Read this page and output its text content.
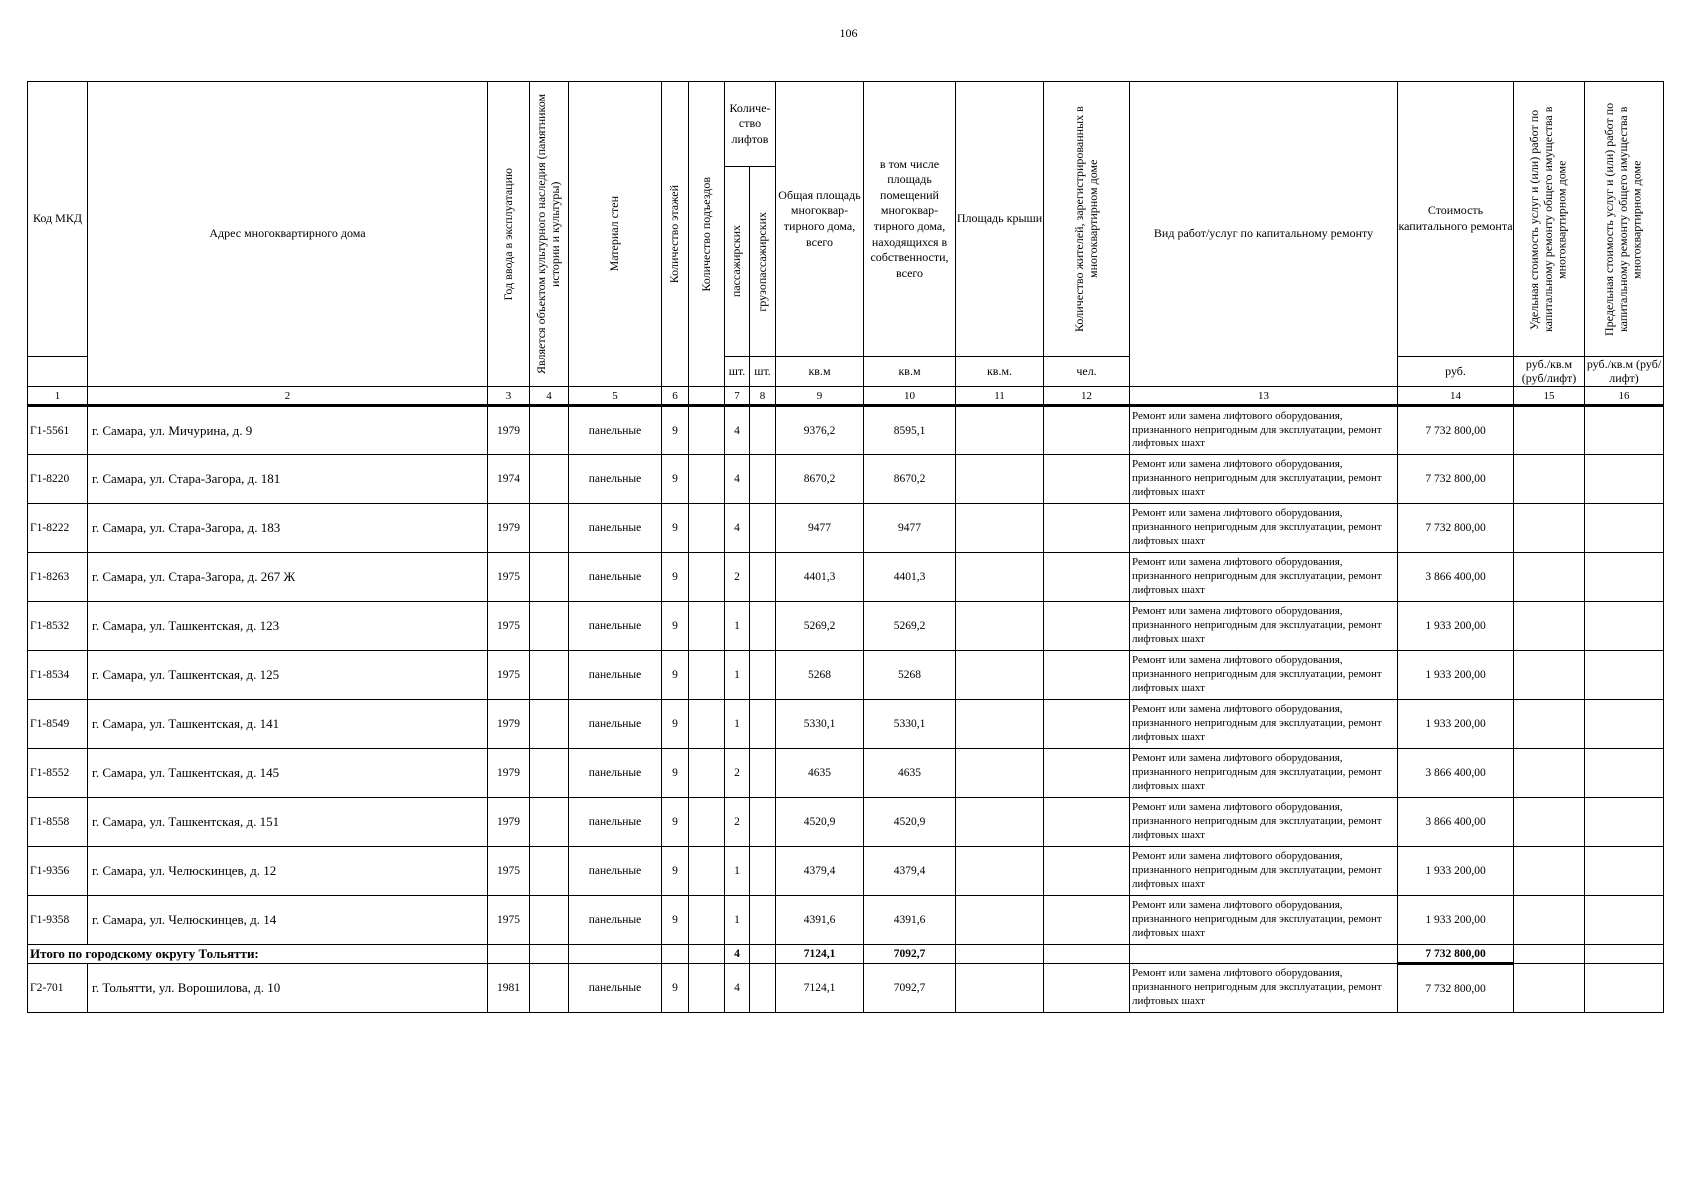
106
Код МКД	Адрес многоквартирного дома	Год ввода в эксплуатацию	Является объектом культурного наследия (памятником истории и культуры)	Материал стен	Количество этажей	Количество подъездов	Количе-ство лифтов		Общая площадь многоквар-тирного дома, всего	в том числе площадь помещений многоквар-тирного дома, находящихся в собственности, всего	Площадь крыши	Количество жителей, зарегистрированных в многоквартирном доме	Вид работ/услуг по капитальному ремонту	Стоимость капитального ремонта	Удельная стоимость услуг и (или) работ по капитальному ремонту общего имущества в многоквартирном доме	Предельная стоимость услуг и (или) работ по капитальному ремонту общего имущества в многоквартирном доме

							пассажирских	грузопассажирских								

							шт.	шт.	кв.м	кв.м	кв.м.	чел.		руб.	руб./кв.м (руб/лифт)	руб./кв.м (руб/лифт)
1	2	3	4	5	6		7	8	9	10	11	12	13	14	15	16
Г1-5561	г. Самара, ул. Мичурина, д. 9	1979		панельные	9		4		9376,2	8595,1			Ремонт или замена лифтового оборудования, признанного непригодным для эксплуатации, ремонт лифтовых шахт	7 732 800,00		
Г1-8220	г. Самара, ул. Стара-Загора, д. 181	1974		панельные	9		4		8670,2	8670,2			Ремонт или замена лифтового оборудования, признанного непригодным для эксплуатации, ремонт лифтовых шахт	7 732 800,00		
Г1-8222	г. Самара, ул. Стара-Загора, д. 183	1979		панельные	9		4		9477	9477			Ремонт или замена лифтового оборудования, признанного непригодным для эксплуатации, ремонт лифтовых шахт	7 732 800,00		
Г1-8263	г. Самара, ул. Стара-Загора, д. 267 Ж	1975		панельные	9		2		4401,3	4401,3			Ремонт или замена лифтового оборудования, признанного непригодным для эксплуатации, ремонт лифтовых шахт	3 866 400,00		
Г1-8532	г. Самара, ул. Ташкентская, д. 123	1975		панельные	9		1		5269,2	5269,2			Ремонт или замена лифтового оборудования, признанного непригодным для эксплуатации, ремонт лифтовых шахт	1 933 200,00		
Г1-8534	г. Самара, ул. Ташкентская, д. 125	1975		панельные	9		1		5268	5268			Ремонт или замена лифтового оборудования, признанного непригодным для эксплуатации, ремонт лифтовых шахт	1 933 200,00		
Г1-8549	г. Самара, ул. Ташкентская, д. 141	1979		панельные	9		1		5330,1	5330,1			Ремонт или замена лифтового оборудования, признанного непригодным для эксплуатации, ремонт лифтовых шахт	1 933 200,00		
Г1-8552	г. Самара, ул. Ташкентская, д. 145	1979		панельные	9		2		4635	4635			Ремонт или замена лифтового оборудования, признанного непригодным для эксплуатации, ремонт лифтовых шахт	3 866 400,00		
Г1-8558	г. Самара, ул. Ташкентская, д. 151	1979		панельные	9		2		4520,9	4520,9			Ремонт или замена лифтового оборудования, признанного непригодным для эксплуатации, ремонт лифтовых шахт	3 866 400,00		
Г1-9356	г. Самара, ул. Челюскинцев, д. 12	1975		панельные	9		1		4379,4	4379,4			Ремонт или замена лифтового оборудования, признанного непригодным для эксплуатации, ремонт лифтовых шахт	1 933 200,00		
Г1-9358	г. Самара, ул. Челюскинцев, д. 14	1975		панельные	9		1		4391,6	4391,6			Ремонт или замена лифтового оборудования, признанного непригодным для эксплуатации, ремонт лифтовых шахт	1 933 200,00		
Итого по городскому округу Тольятти:							4		7124,1	7092,7				7 732 800,00		
Г2-701	г. Тольятти, ул. Ворошилова, д. 10	1981		панельные	9		4		7124,1	7092,7			Ремонт или замена лифтового оборудования, признанного непригодным для эксплуатации, ремонт лифтовых шахт	7 732 800,00		
